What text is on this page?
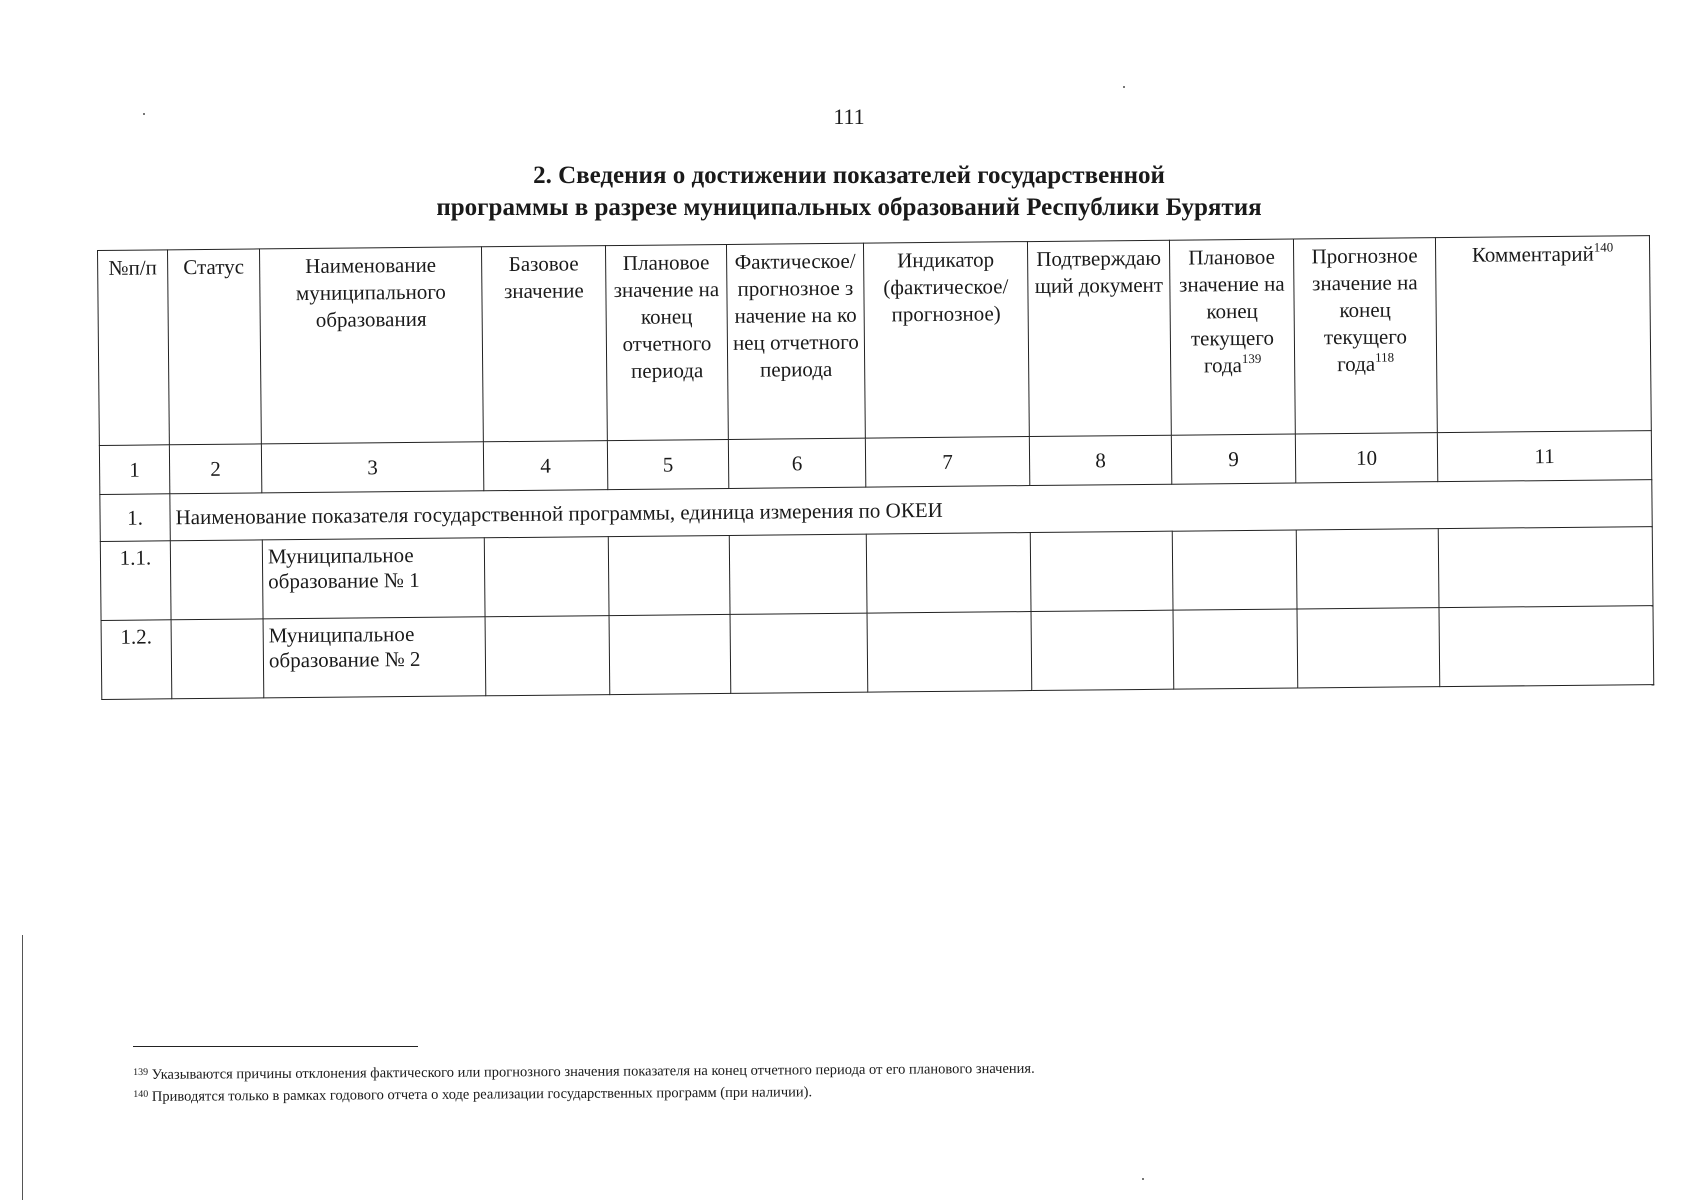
111
2. Сведения о достижении показателей государственной
программы в разрезе муниципальных образований Республики Бурятия
№п/п	Статус	Наименование муниципального образования	Базовое значение	Плановое значение на конец отчетного периода	Фактическое/прогнозное значение на конец отчетного периода	Индикатор (фактическое/ прогнозное)	Подтверждающий документ	Плановое значение на конец текущего года$^{139}$	Прогнозное значение на конец текущего года$^{118}$	Комментарий$^{140}$
1	2	3	4	5	6	7	8	9	10	11
1.	Наименование показателя государственной программы, единица измерения по ОКЕИ									
1.1.		Муниципальное образование № 1								
1.2.		Муниципальное образование № 2								
$^{139}$ Указываются причины отклонения фактического или прогнозного значения показателя на конец отчетного периода от его планового значения.
$^{140}$ Приводятся только в рамках годового отчета о ходе реализации государственных программ (при наличии).
